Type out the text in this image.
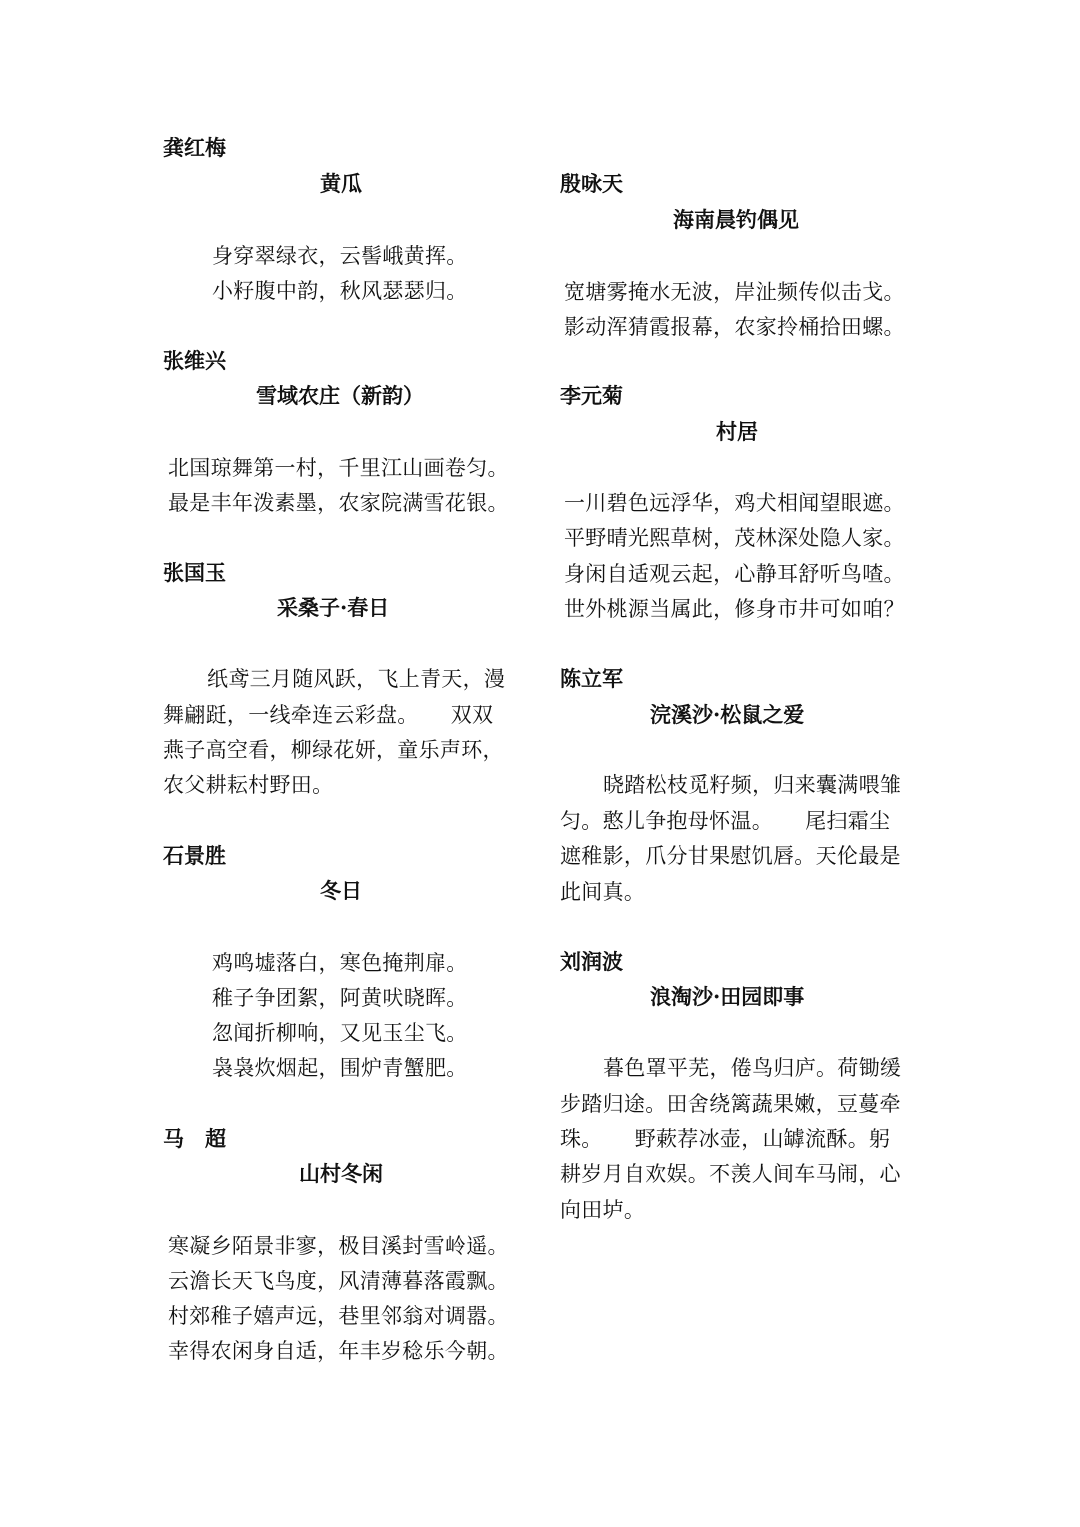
龚红梅
黄瓜
身穿翠绿衣，云髻峨黄挥。
小籽腹中韵，秋风瑟瑟归。
张维兴
雪域农庄（新韵）
北国琼舞第一村，千里江山画卷匀。
最是丰年泼素墨，农家院满雪花银。
张国玉
采桑子·春日
纸鸢三月随风跃，飞上青天，漫
舞翩跹，一线牵连云彩盘。　　双双
燕子高空看，柳绿花妍，童乐声环，
农父耕耘村野田。
石景胜
冬日
鸡鸣墟落白，寒色掩荆扉。
稚子争团絮，阿黄吠晓晖。
忽闻折柳响，又见玉尘飞。
袅袅炊烟起，围炉青蟹肥。
马　超
山村冬闲
寒凝乡陌景非寥，极目溪封雪岭遥。
云澹长天飞鸟度，风清薄暮落霞飘。
村郊稚子嬉声远，巷里邻翁对调嚣。
幸得农闲身自适，年丰岁稔乐今朝。
殷咏天
海南晨钓偶见
宽塘雾掩水无波，岸沚频传似击戈。
影动浑猜霞报幕，农家拎桶拾田螺。
李元菊
村居
一川碧色远浮华，鸡犬相闻望眼遮。
平野晴光熙草树，茂林深处隐人家。
身闲自适观云起，心静耳舒听鸟喳。
世外桃源当属此，修身市井可如咱？
陈立军
浣溪沙·松鼠之爱
晓踏松枝觅籽频，归来囊满喂雏
匀。憨儿争抱母怀温。　　尾扫霜尘
遮稚影，爪分甘果慰饥唇。天伦最是
此间真。
刘润波
浪淘沙·田园即事
暮色罩平芜，倦鸟归庐。荷锄缓
步踏归途。田舍绕篱蔬果嫩，豆蔓牵
珠。　　野蔌荐冰壶，山罅流酥。躬
耕岁月自欢娱。不羡人间车马闹，心
向田垆。
